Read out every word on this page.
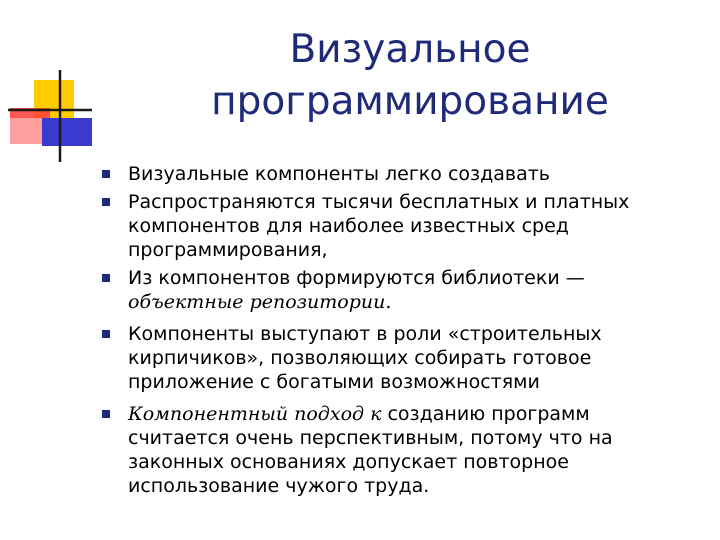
Визуальное
программирование
Визуальные компоненты легко создавать
Распространяются тысячи бесплатных и платных компонентов для наиболее известных сред программирования,
Из компонентов формируются библиотеки — объектные репозитории.
Компоненты выступают в роли «строительных кирпичиков», позволяющих собирать готовое приложение с богатыми возможностями
Компонентный подход к созданию программ считается очень перспективным, потому что на законных основаниях допускает повторное использование чужого труда.
